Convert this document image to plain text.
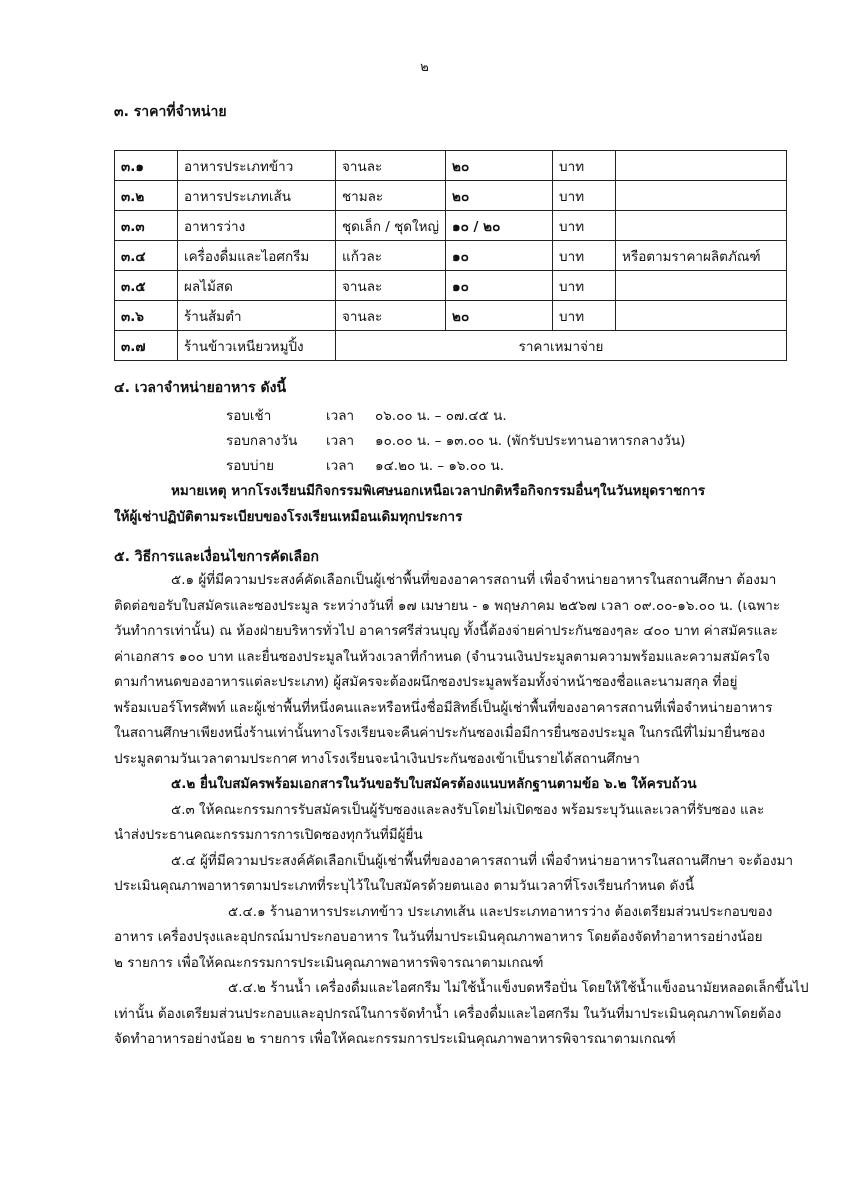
๒
๓. ราคาที่จำหน่าย
๓.๑	อาหารประเภทข้าว	จานละ	๒๐	บาท	
๓.๒	อาหารประเภทเส้น	ชามละ	๒๐	บาท	
๓.๓	อาหารว่าง	ชุดเล็ก / ชุดใหญ่	๑๐ / ๒๐	บาท	
๓.๔	เครื่องดื่มและไอศกรีม	แก้วละ	๑๐	บาท	หรือตามราคาผลิตภัณฑ์
๓.๕	ผลไม้สด	จานละ	๑๐	บาท	
๓.๖	ร้านส้มตำ	จานละ	๒๐	บาท	
๓.๗	ร้านข้าวเหนียวหมูปิ้ง	ราคาเหมาจ่าย			
๔. เวลาจำหน่ายอาหาร ดังนี้
รอบเช้า	เวลา ๐๖.๐๐ น. – ๐๗.๔๕ น.
รอบกลางวัน เวลา ๑๐.๐๐ น. – ๑๓.๐๐ น. (พักรับประทานอาหารกลางวัน)
รอบบ่าย	เวลา ๑๔.๒๐ น. – ๑๖.๐๐ น.
หมายเหตุ หากโรงเรียนมีกิจกรรมพิเศษนอกเหนือเวลาปกติหรือกิจกรรมอื่นๆในวันหยุดราชการ
ให้ผู้เช่าปฏิบัติตามระเบียบของโรงเรียนเหมือนเดิมทุกประการ
๕. วิธีการและเงื่อนไขการคัดเลือก
๕.๑ ผู้ที่มีความประสงค์คัดเลือกเป็นผู้เช่าพื้นที่ของอาคารสถานที่ เพื่อจำหน่ายอาหารในสถานศึกษา ต้องมา
ติดต่อขอรับใบสมัครและซองประมูล ระหว่างวันที่ ๑๗ เมษายน - ๑ พฤษภาคม ๒๕๖๗ เวลา ๐๙.๐๐-๑๖.๐๐ น. (เฉพาะ
วันทำการเท่านั้น) ณ ห้องฝ่ายบริหารทั่วไป อาคารศรีส่วนบุญ ทั้งนี้ต้องจ่ายค่าประกันซองๆละ ๔๐๐ บาท ค่าสมัครและ
ค่าเอกสาร ๑๐๐ บาท และยื่นซองประมูลในห้วงเวลาที่กำหนด (จำนวนเงินประมูลตามความพร้อมและความสมัครใจ
ตามกำหนดของอาหารแต่ละประเภท) ผู้สมัครจะต้องผนึกซองประมูลพร้อมทั้งจ่าหน้าซองชื่อและนามสกุล ที่อยู่
พร้อมเบอร์โทรศัพท์ และผู้เช่าพื้นที่หนึ่งคนและหรือหนึ่งชื่อมีสิทธิ์เป็นผู้เช่าพื้นที่ของอาคารสถานที่เพื่อจำหน่ายอาหาร
ในสถานศึกษาเพียงหนึ่งร้านเท่านั้นทางโรงเรียนจะคืนค่าประกันซองเมื่อมีการยื่นซองประมูล ในกรณีที่ไม่มายื่นซอง
ประมูลตามวันเวลาตามประกาศ ทางโรงเรียนจะนำเงินประกันซองเข้าเป็นรายได้สถานศึกษา
๕.๒ ยื่นใบสมัครพร้อมเอกสารในวันขอรับใบสมัครต้องแนบหลักฐานตามข้อ ๖.๒ ให้ครบถ้วน
๕.๓ ให้คณะกรรมการรับสมัครเป็นผู้รับซองและลงรับโดยไม่เปิดซอง พร้อมระบุวันและเวลาที่รับซอง และ
นำส่งประธานคณะกรรมการการเปิดซองทุกวันที่มีผู้ยื่น
๕.๔ ผู้ที่มีความประสงค์คัดเลือกเป็นผู้เช่าพื้นที่ของอาคารสถานที่ เพื่อจำหน่ายอาหารในสถานศึกษา จะต้องมา
ประเมินคุณภาพอาหารตามประเภทที่ระบุไว้ในใบสมัครด้วยตนเอง ตามวันเวลาที่โรงเรียนกำหนด ดังนี้
๕.๔.๑ ร้านอาหารประเภทข้าว ประเภทเส้น และประเภทอาหารว่าง ต้องเตรียมส่วนประกอบของ
อาหาร เครื่องปรุงและอุปกรณ์มาประกอบอาหาร ในวันที่มาประเมินคุณภาพอาหาร โดยต้องจัดทำอาหารอย่างน้อย
๒ รายการ เพื่อให้คณะกรรมการประเมินคุณภาพอาหารพิจารณาตามเกณฑ์
๕.๔.๒ ร้านน้ำ เครื่องดื่มและไอศกรีม ไม่ใช้น้ำแข็งบดหรือปั่น โดยให้ใช้น้ำแข็งอนามัยหลอดเล็กขึ้นไป
เท่านั้น ต้องเตรียมส่วนประกอบและอุปกรณ์ในการจัดทำน้ำ เครื่องดื่มและไอศกรีม ในวันที่มาประเมินคุณภาพโดยต้อง
จัดทำอาหารอย่างน้อย ๒ รายการ เพื่อให้คณะกรรมการประเมินคุณภาพอาหารพิจารณาตามเกณฑ์
